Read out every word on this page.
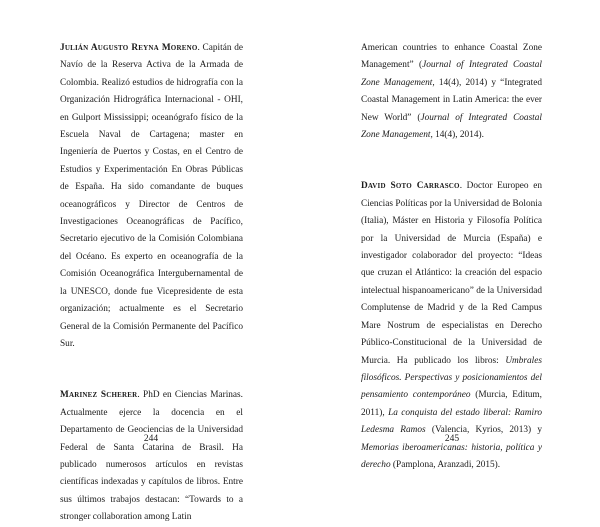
Julián Augusto Reyna Moreno. Capitán de Navío de la Reserva Activa de la Armada de Colombia. Realizó estudios de hidrografía con la Organización Hidrográfica Internacional - OHI, en Gulport Mississippi; oceanógrafo físico de la Escuela Naval de Cartagena; master en Ingeniería de Puertos y Costas, en el Centro de Estudios y Experimentación En Obras Públicas de España. Ha sido comandante de buques oceanográficos y Director de Centros de Investigaciones Oceanográficas de Pacífico, Secretario ejecutivo de la Comisión Colombiana del Océano. Es experto en oceanografía de la Comisión Oceanográfica Intergubernamental de la UNESCO, donde fue Vicepresidente de esta organización; actualmente es el Secretario General de la Comisión Permanente del Pacífico Sur.

Marinez Scherer. PhD en Ciencias Marinas. Actualmente ejerce la docencia en el Departamento de Geociencias de la Universidad Federal de Santa Catarina de Brasil. Ha publicado numerosos artículos en revistas científicas indexadas y capítulos de libros. Entre sus últimos trabajos destacan: “Towards to a stronger collaboration among Latin

244

American countries to enhance Coastal Zone Management” (Journal of Integrated Coastal Zone Management, 14(4), 2014) y “Integrated Coastal Management in Latin America: the ever New World” (Journal of Integrated Coastal Zone Management, 14(4), 2014).

David Soto Carrasco. Doctor Europeo en Ciencias Políticas por la Universidad de Bolonia (Italia), Máster en Historia y Filosofía Política por la Universidad de Murcia (España) e investigador colaborador del proyecto: “Ideas que cruzan el Atlántico: la creación del espacio intelectual hispanoamericano” de la Universidad Complutense de Madrid y de la Red Campus Mare Nostrum de especialistas en Derecho Público-Constitucional de la Universidad de Murcia. Ha publicado los libros: Umbrales filosóficos. Perspectivas y posicionamientos del pensamiento contemporáneo (Murcia, Editum, 2011), La conquista del estado liberal: Ramiro Ledesma Ramos (Valencia, Kyrios, 2013) y Memorias iberoamericanas: historia, política y derecho (Pamplona, Aranzadi, 2015).

245
